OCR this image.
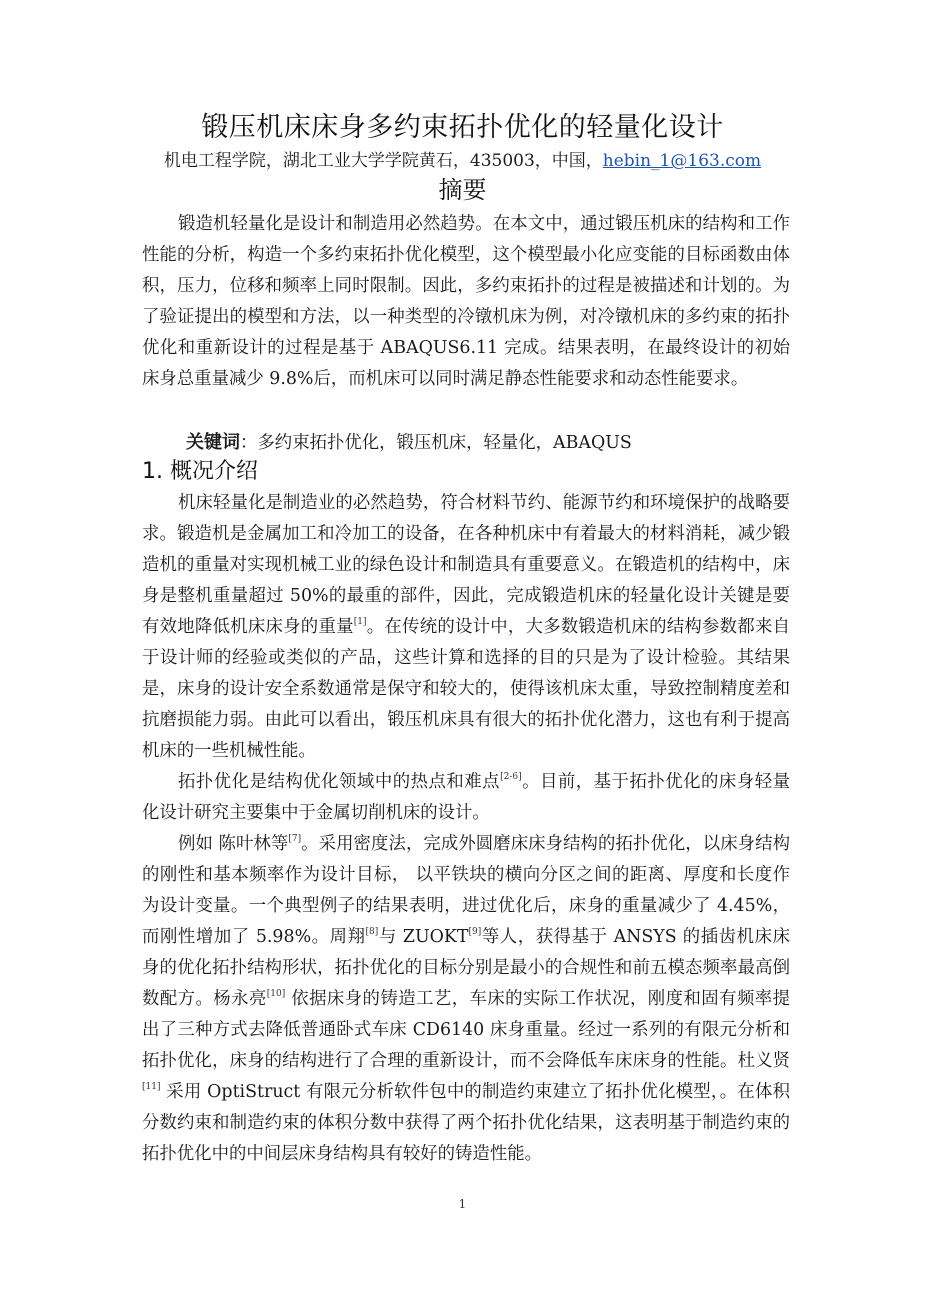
锻压机床床身多约束拓扑优化的轻量化设计
机电工程学院，湖北工业大学学院黄石，435003，中国，hebin_1@163.com
摘要

锻造机轻量化是设计和制造用必然趋势。在本文中，通过锻压机床的结构和工作性能的分析，构造一个多约束拓扑优化模型，这个模型最小化应变能的目标函数由体积，压力，位移和频率上同时限制。因此，多约束拓扑的过程是被描述和计划的。为了验证提出的模型和方法，以一种类型的冷镦机床为例，对冷镦机床的多约束的拓扑优化和重新设计的过程是基于 ABAQUS6.11 完成。结果表明，在最终设计的初始床身总重量减少 9.8%后，而机床可以同时满足静态性能要求和动态性能要求。

关键词：多约束拓扑优化，锻压机床，轻量化，ABAQUS
1. 概况介绍

机床轻量化是制造业的必然趋势，符合材料节约、能源节约和环境保护的战略要求。锻造机是金属加工和冷加工的设备，在各种机床中有着最大的材料消耗，减少锻造机的重量对实现机械工业的绿色设计和制造具有重要意义。在锻造机的结构中，床身是整机重量超过 50%的最重的部件，因此，完成锻造机床的轻量化设计关键是要有效地降低机床床身的重量[1]。在传统的设计中，大多数锻造机床的结构参数都来自于设计师的经验或类似的产品，这些计算和选择的目的只是为了设计检验。其结果是，床身的设计安全系数通常是保守和较大的，使得该机床太重，导致控制精度差和抗磨损能力弱。由此可以看出，锻压机床具有很大的拓扑优化潜力，这也有利于提高机床的一些机械性能。

拓扑优化是结构优化领域中的热点和难点[2-6]。目前，基于拓扑优化的床身轻量化设计研究主要集中于金属切削机床的设计。

例如 陈叶林等[7]。采用密度法，完成外圆磨床床身结构的拓扑优化，以床身结构的刚性和基本频率作为设计目标， 以平铁块的横向分区之间的距离、厚度和长度作为设计变量。一个典型例子的结果表明，进过优化后，床身的重量减少了 4.45%，而刚性增加了 5.98%。周翔[8]与 ZUOKT[9]等人，获得基于 ANSYS 的插齿机床床身的优化拓扑结构形状，拓扑优化的目标分别是最小的合规性和前五模态频率最高倒数配方。杨永亮[10] 依据床身的铸造工艺，车床的实际工作状况，刚度和固有频率提出了三种方式去降低普通卧式车床 CD6140 床身重量。经过一系列的有限元分析和拓扑优化，床身的结构进行了合理的重新设计，而不会降低车床床身的性能。杜义贤[11] 采用 OptiStruct 有限元分析软件包中的制造约束建立了拓扑优化模型，。在体积分数约束和制造约束的体积分数中获得了两个拓扑优化结果，这表明基于制造约束的拓扑优化中的中间层床身结构具有较好的铸造性能。

1
